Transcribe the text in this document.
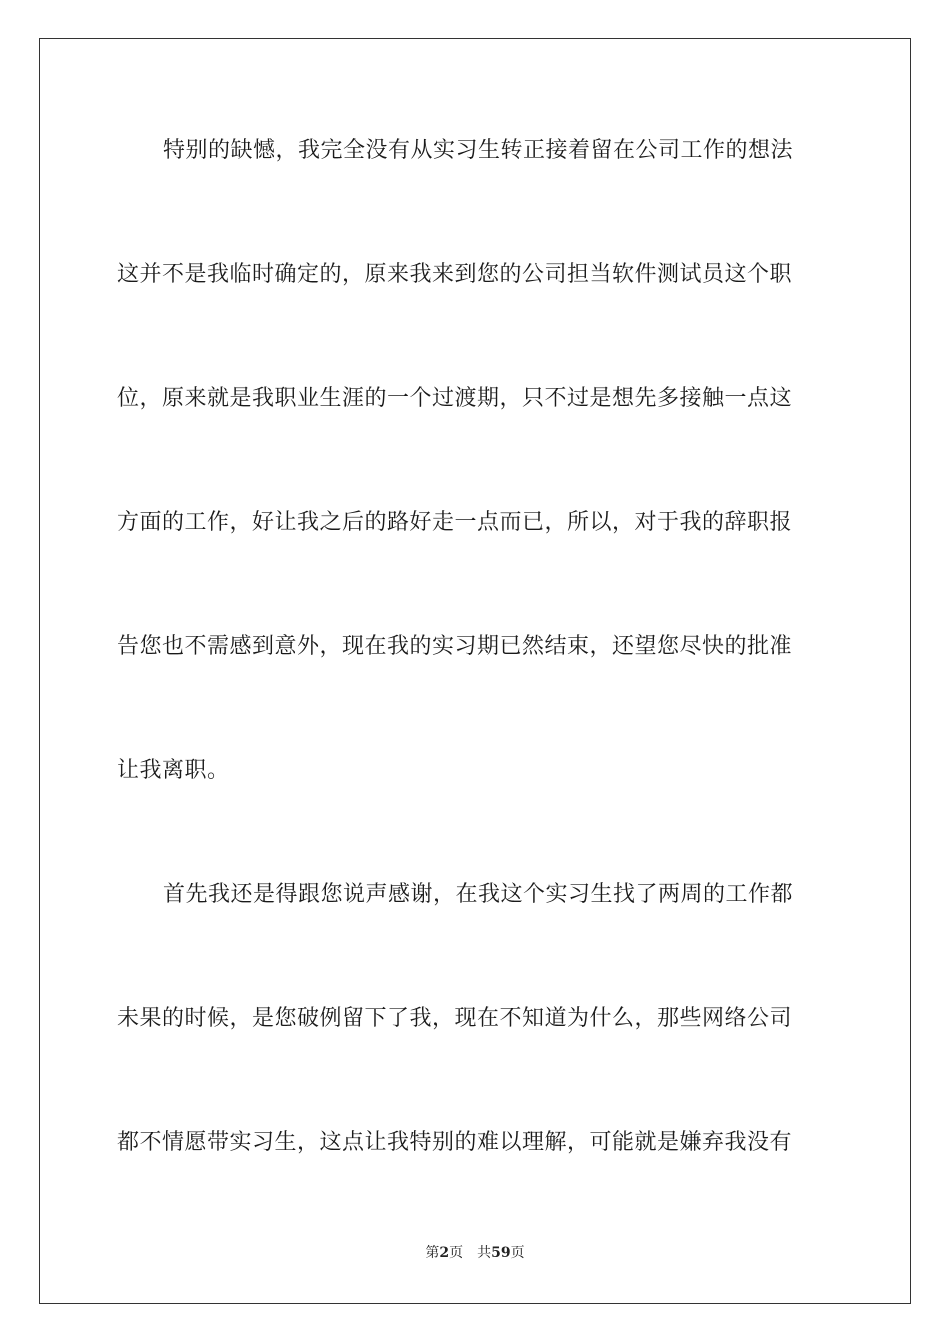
特别的缺憾，我完全没有从实习生转正接着留在公司工作的想法
这并不是我临时确定的，原来我来到您的公司担当软件测试员这个职
位，原来就是我职业生涯的一个过渡期，只不过是想先多接触一点这
方面的工作，好让我之后的路好走一点而已，所以，对于我的辞职报
告您也不需感到意外，现在我的实习期已然结束，还望您尽快的批准
让我离职。
首先我还是得跟您说声感谢，在我这个实习生找了两周的工作都
未果的时候，是您破例留下了我，现在不知道为什么，那些网络公司
都不情愿带实习生，这点让我特别的难以理解，可能就是嫌弃我没有
第2页 共59页
